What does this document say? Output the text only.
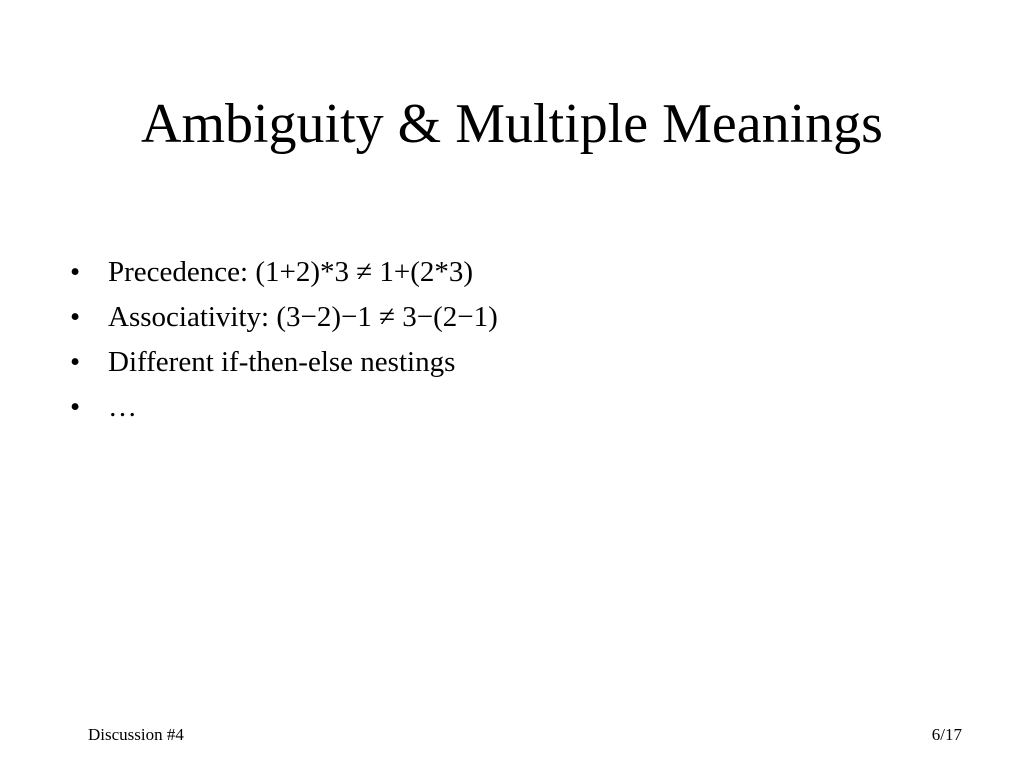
Ambiguity & Multiple Meanings
• Precedence: (1+2)*3 ≠ 1+(2*3)
• Associativity: (3−2)−1 ≠ 3−(2−1)
• Different if-then-else nestings
• …
Discussion #4	6/17
